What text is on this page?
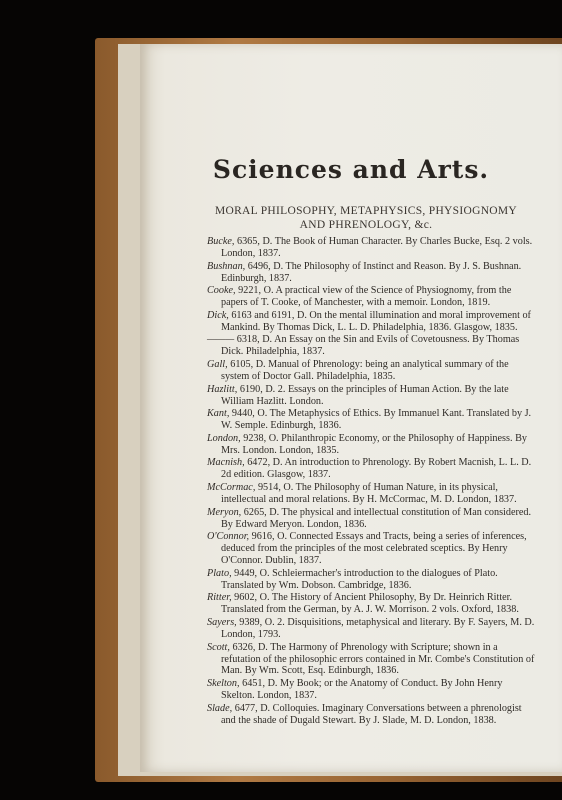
Sciences and Arts.
MORAL PHILOSOPHY, METAPHYSICS, PHYSIOGNOMY AND PHRENOLOGY, &c.

Bucke, 6365, D. The Book of Human Character. By Charles Bucke, Esq. 2 vols. London, 1837.

Bushnan, 6496, D. The Philosophy of Instinct and Reason. By J. S. Bushnan. Edinburgh, 1837.

Cooke, 9221, O. A practical view of the Science of Physiognomy, from the papers of T. Cooke, of Manchester, with a memoir. London, 1819.

Dick, 6163 and 6191, D. On the mental illumination and moral improvement of Mankind. By Thomas Dick, L. L. D. Philadelphia, 1836. Glasgow, 1835.

——— 6318, D. An Essay on the Sin and Evils of Covetousness. By Thomas Dick. Philadelphia, 1837.

Gall, 6105, D. Manual of Phrenology: being an analytical summary of the system of Doctor Gall. Philadelphia, 1835.

Hazlitt, 6190, D. 2. Essays on the principles of Human Action. By the late William Hazlitt. London.

Kant, 9440, O. The Metaphysics of Ethics. By Immanuel Kant. Translated by J. W. Semple. Edinburgh, 1836.

London, 9238, O. Philanthropic Economy, or the Philosophy of Happiness. By Mrs. London. London, 1835.

Macnish, 6472, D. An introduction to Phrenology. By Robert Macnish, L. L. D. 2d edition. Glasgow, 1837.

McCormac, 9514, O. The Philosophy of Human Nature, in its physical, intellectual and moral relations. By H. McCormac, M. D. London, 1837.

Meryon, 6265, D. The physical and intellectual constitution of Man considered. By Edward Meryon. London, 1836.

O'Connor, 9616, O. Connected Essays and Tracts, being a series of inferences, deduced from the principles of the most celebrated sceptics. By Henry O'Connor. Dublin, 1837.

Plato, 9449, O. Schleiermacher's introduction to the dialogues of Plato. Translated by Wm. Dobson. Cambridge, 1836.

Ritter, 9602, O. The History of Ancient Philosophy, By Dr. Heinrich Ritter. Translated from the German, by A. J. W. Morrison. 2 vols. Oxford, 1838.

Sayers, 9389, O. 2. Disquisitions, metaphysical and literary. By F. Sayers, M. D. London, 1793.

Scott, 6326, D. The Harmony of Phrenology with Scripture; shown in a refutation of the philosophic errors contained in Mr. Combe's Constitution of Man. By Wm. Scott, Esq. Edinburgh, 1836.

Skelton, 6451, D. My Book; or the Anatomy of Conduct. By John Henry Skelton. London, 1837.

Slade, 6477, D. Colloquies. Imaginary Conversations between a phrenologist and the shade of Dugald Stewart. By J. Slade, M. D. London, 1838.
